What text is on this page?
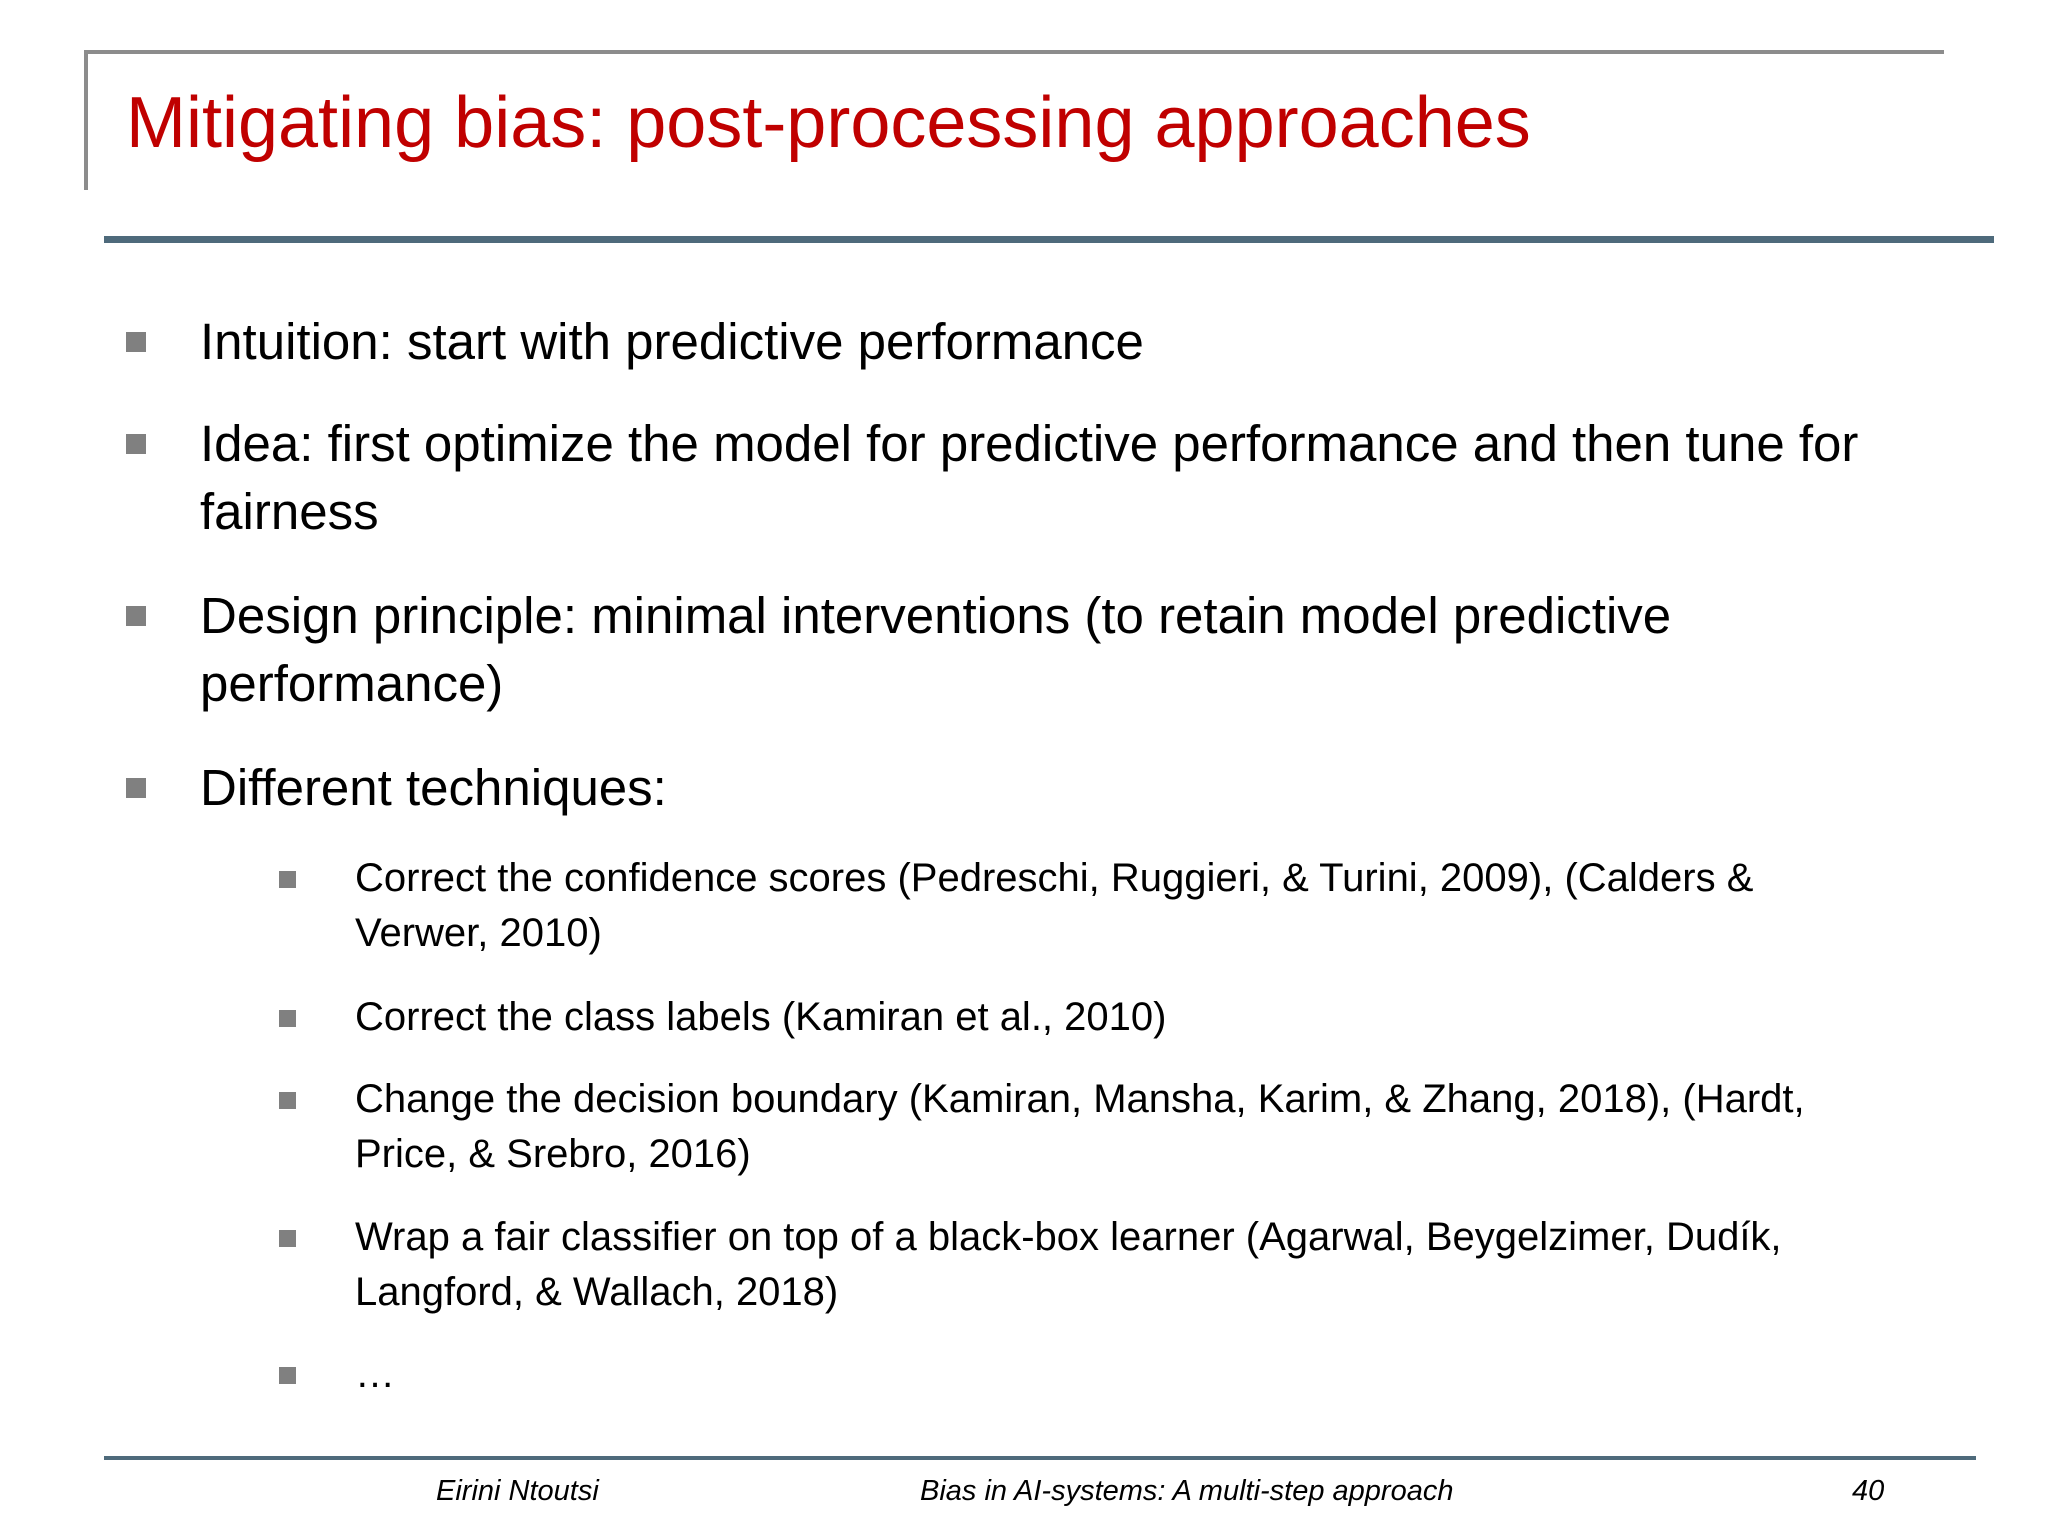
Mitigating bias: post-processing approaches
Intuition: start with predictive performance
Idea: first optimize the model for predictive performance and then tune for fairness
Design principle: minimal interventions (to retain model predictive performance)
Different techniques:
Correct the confidence scores (Pedreschi, Ruggieri, & Turini, 2009), (Calders & Verwer, 2010)
Correct the class labels (Kamiran et al., 2010)
Change the decision boundary (Kamiran, Mansha, Karim, & Zhang, 2018), (Hardt, Price, & Srebro, 2016)
Wrap a fair classifier on top of a black-box learner (Agarwal, Beygelzimer, Dudík, Langford, & Wallach, 2018)
…
Eirini Ntoutsi	Bias in AI-systems: A multi-step approach	40
